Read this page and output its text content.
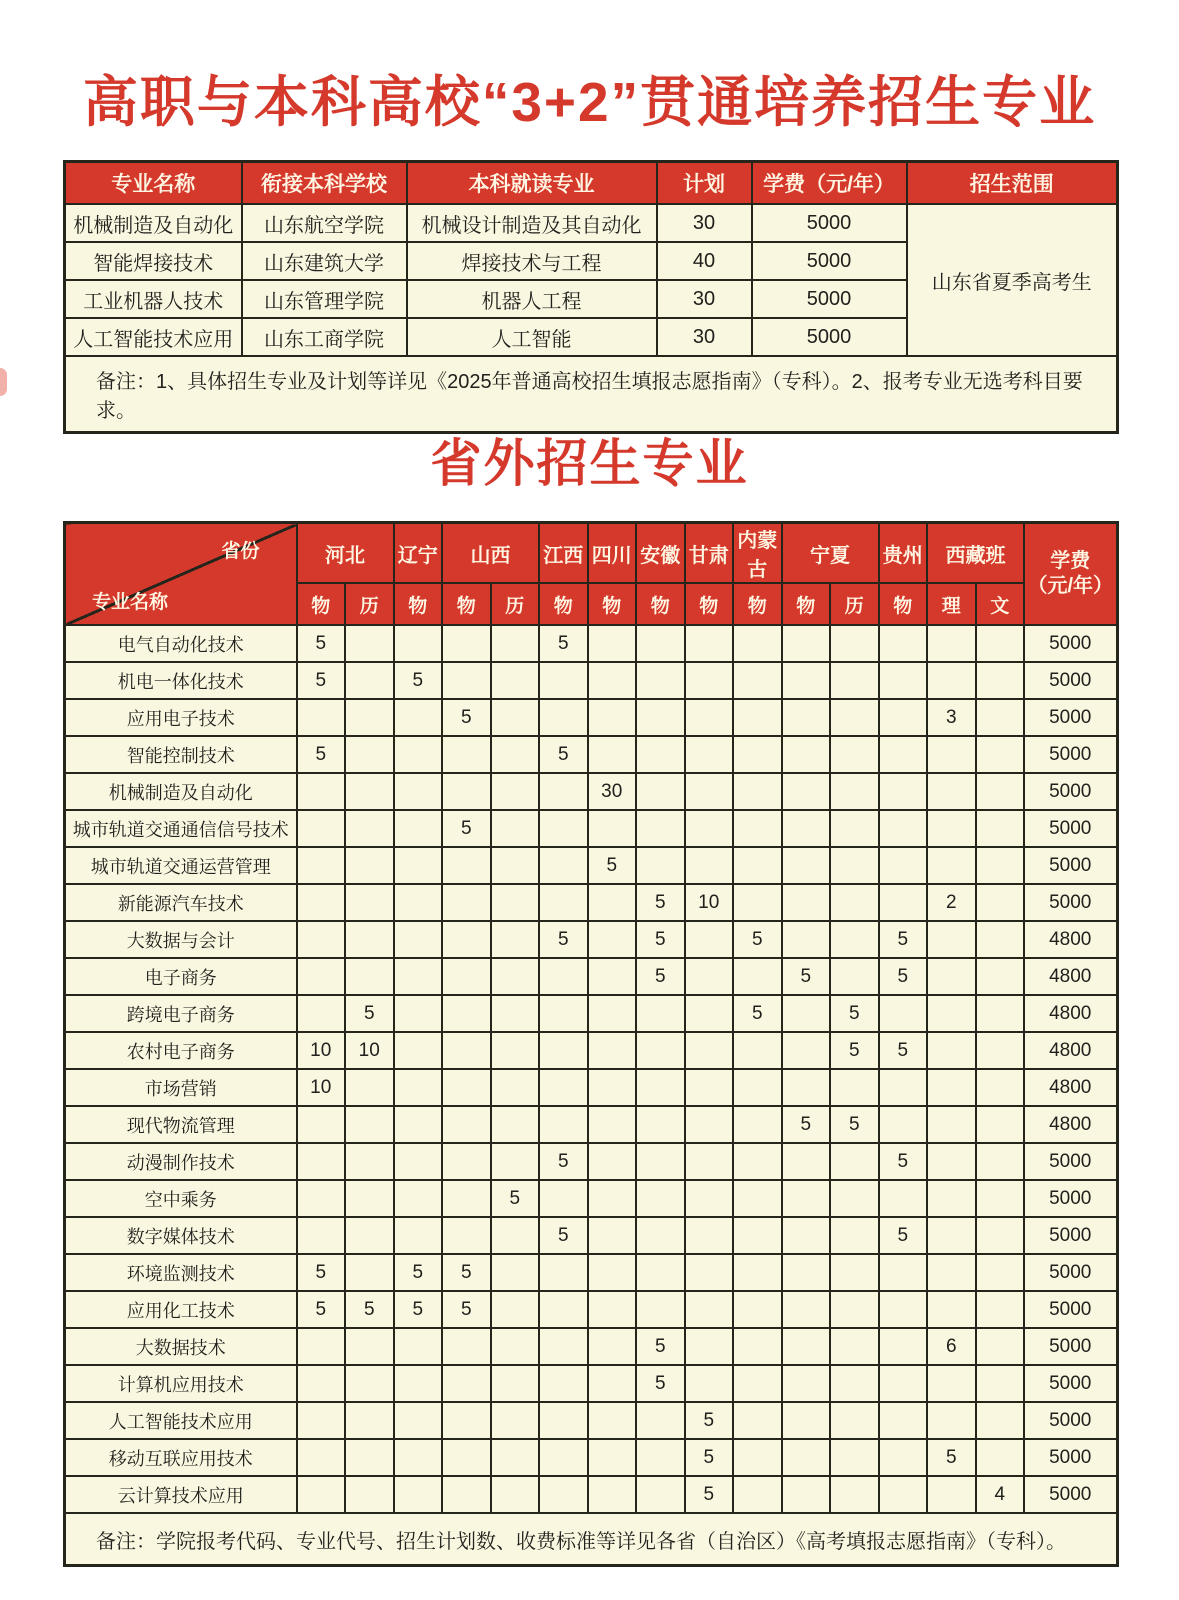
高职与本科高校“3+2”贯通培养招生专业
专业名称	衔接本科学校	本科就读专业	计划	学费（元/年）	招生范围
机械制造及自动化	山东航空学院	机械设计制造及其自动化	30	5000	山东省夏季高考生
智能焊接技术	山东建筑大学	焊接技术与工程	40	5000	
工业机器人技术	山东管理学院	机器人工程	30	5000	
人工智能技术应用	山东工商学院	人工智能	30	5000	
备注：1、具体招生专业及计划等详见《2025年普通高校招生填报志愿指南》（专科）。2、报考专业无选考科目要求。					
省外招生专业
省份
专业名称
	河北	辽宁	山西	江西	四川	安徽	甘肃	内蒙古	宁夏	贵州	西藏班	学费
（元/年）

	物	历	物	物	历	物	物	物	物	物	物	历	物	理	文	
电气自动化技术	5					5										5000
机电一体化技术	5		5													5000
应用电子技术				5										3		5000
智能控制技术	5					5										5000
机械制造及自动化							30									5000
城市轨道交通通信信号技术				5												5000
城市轨道交通运营管理							5									5000
新能源汽车技术								5	10					2		5000
大数据与会计						5		5		5			5			4800
电子商务								5			5		5			4800
跨境电子商务		5								5		5				4800
农村电子商务	10	10										5	5			4800
市场营销	10															4800
现代物流管理											5	5				4800
动漫制作技术						5							5			5000
空中乘务					5											5000
数字媒体技术						5							5			5000
环境监测技术	5		5	5												5000
应用化工技术	5	5	5	5												5000
大数据技术								5						6		5000
计算机应用技术								5								5000
人工智能技术应用									5							5000
移动互联应用技术									5					5		5000
云计算技术应用									5						4	5000
备注：学院报考代码、专业代号、招生计划数、收费标准等详见各省（自治区）《高考填报志愿指南》（专科）。																
